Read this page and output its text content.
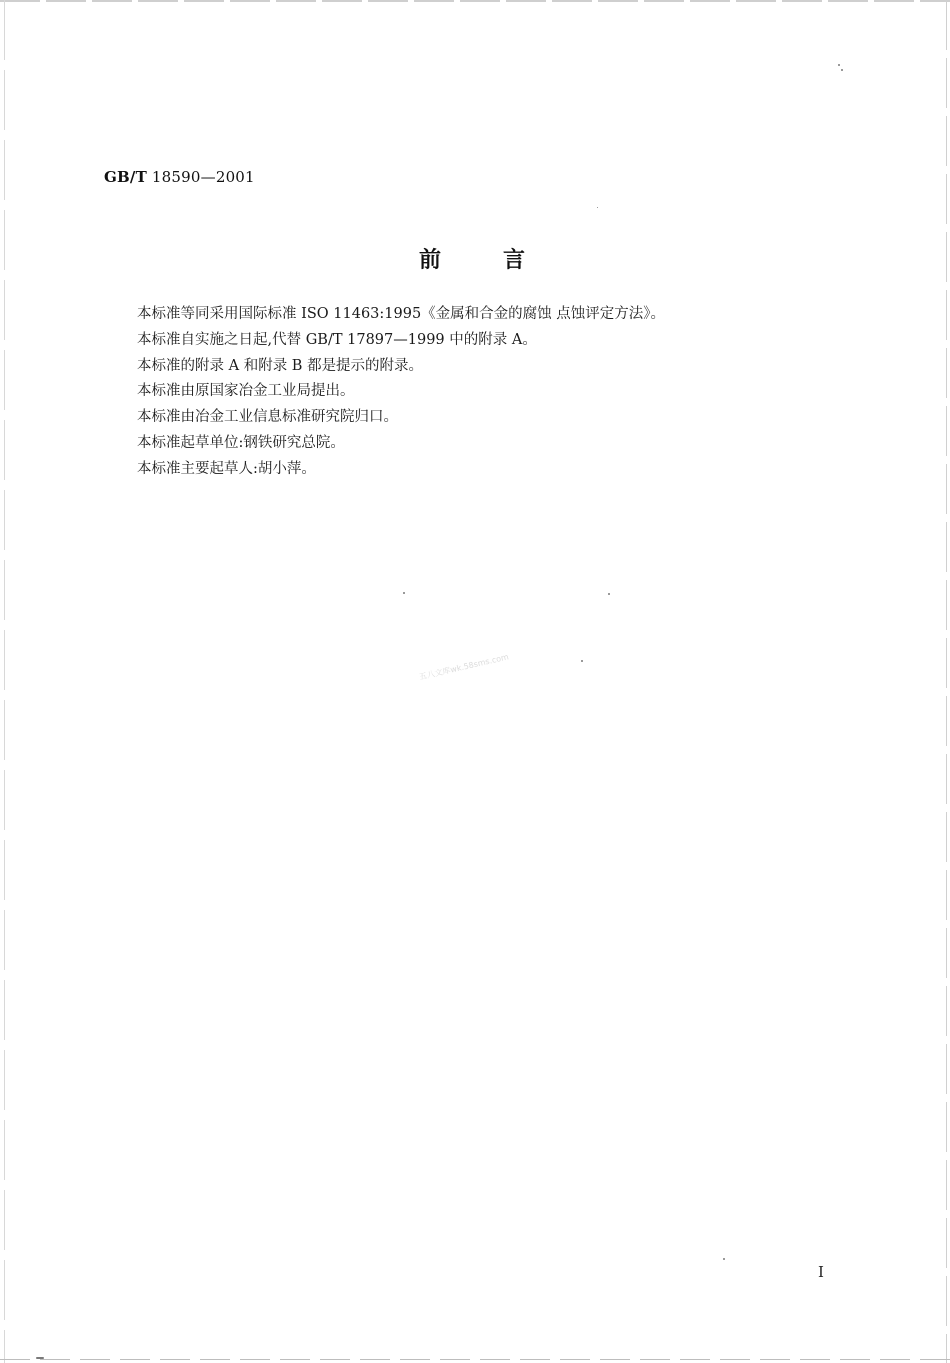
GB/T 18590—2001
前言
本标准等同采用国际标准 ISO 11463:1995《金属和合金的腐蚀 点蚀评定方法》。
本标准自实施之日起,代替 GB/T 17897—1999 中的附录 A。
本标准的附录 A 和附录 B 都是提示的附录。
本标准由原国家冶金工业局提出。
本标准由冶金工业信息标准研究院归口。
本标准起草单位:钢铁研究总院。
本标准主要起草人:胡小萍。
五八文库wk.58sms.com
I
